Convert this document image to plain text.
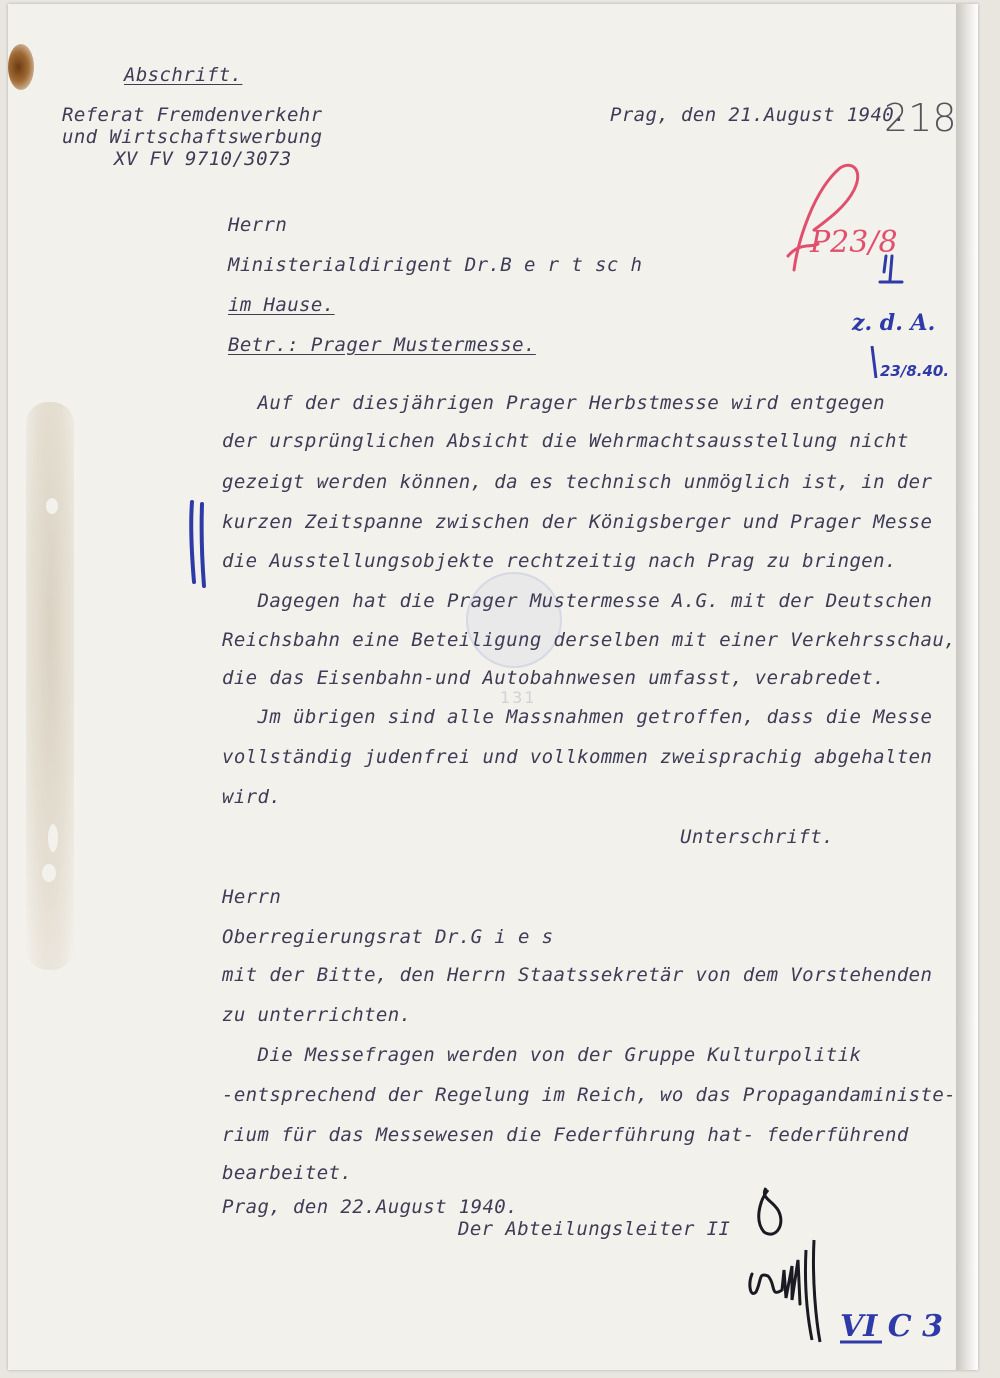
131

Abschrift.

Referat Fremdenverkehr

und Wirtschaftswerbung

XV FV 9710/3073

Prag, den 21.August 1940.

218

Herrn

Ministerialdirigent Dr.B e r t sc h

im Hause.

Betr.: Prager Mustermesse.

Auf der diesjährigen Prager Herbstmesse wird entgegen

der ursprünglichen Absicht die Wehrmachtsausstellung nicht

gezeigt werden können, da es technisch unmöglich ist, in der

kurzen Zeitspanne zwischen der Königsberger und Prager Messe

die Ausstellungsobjekte rechtzeitig nach Prag zu bringen.

Dagegen hat die Prager Mustermesse A.G. mit der Deutschen

Reichsbahn eine Beteiligung derselben mit einer Verkehrsschau,

die das Eisenbahn-und Autobahnwesen umfasst, verabredet.

Jm übrigen sind alle Massnahmen getroffen, dass die Messe

vollständig judenfrei und vollkommen zweisprachig abgehalten

wird.

Unterschrift.

Herrn

Oberregierungsrat Dr.G i e s

mit der Bitte, den Herrn Staatssekretär von dem Vorstehenden

zu unterrichten.

Die Messefragen werden von der Gruppe Kulturpolitik

-entsprechend der Regelung im Reich, wo das Propagandaministe-

rium für das Messewesen die Federführung hat- federführend

bearbeitet.

Prag, den 22.August 1940.

Der Abteilungsleiter II

P23/8
z. d. A.
23/8.40.
VI C 3
